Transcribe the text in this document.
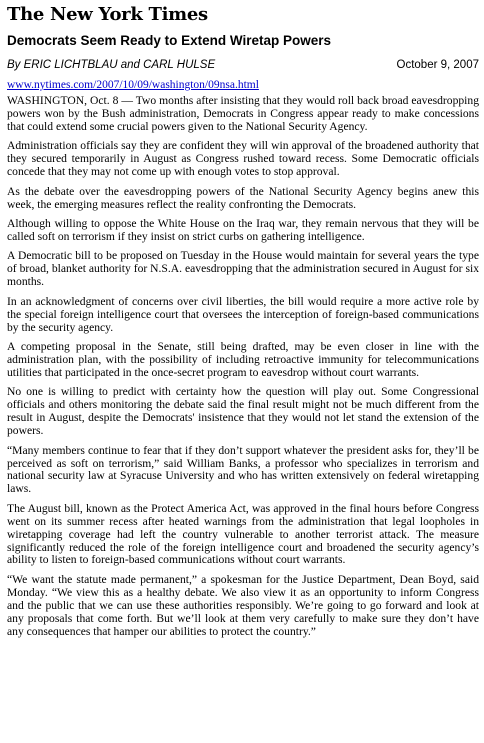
The New York Times
Democrats Seem Ready to Extend Wiretap Powers
By ERIC LICHTBLAU and CARL HULSE	October 9, 2007
www.nytimes.com/2007/10/09/washington/09nsa.html

WASHINGTON, Oct. 8 — Two months after insisting that they would roll back broad eavesdropping powers won by the Bush administration, Democrats in Congress appear ready to make concessions that could extend some crucial powers given to the National Security Agency.

Administration officials say they are confident they will win approval of the broadened authority that they secured temporarily in August as Congress rushed toward recess. Some Democratic officials concede that they may not come up with enough votes to stop approval.

As the debate over the eavesdropping powers of the National Security Agency begins anew this week, the emerging measures reflect the reality confronting the Democrats.

Although willing to oppose the White House on the Iraq war, they remain nervous that they will be called soft on terrorism if they insist on strict curbs on gathering intelligence.

A Democratic bill to be proposed on Tuesday in the House would maintain for several years the type of broad, blanket authority for N.S.A. eavesdropping that the administration secured in August for six months.

In an acknowledgment of concerns over civil liberties, the bill would require a more active role by the special foreign intelligence court that oversees the interception of foreign-based communications by the security agency.

A competing proposal in the Senate, still being drafted, may be even closer in line with the administration plan, with the possibility of including retroactive immunity for telecommunications utilities that participated in the once-secret program to eavesdrop without court warrants.

No one is willing to predict with certainty how the question will play out. Some Congressional officials and others monitoring the debate said the final result might not be much different from the result in August, despite the Democrats' insistence that they would not let stand the extension of the powers.

“Many members continue to fear that if they don’t support whatever the president asks for, they’ll be perceived as soft on terrorism,” said William Banks, a professor who specializes in terrorism and national security law at Syracuse University and who has written extensively on federal wiretapping laws.

The August bill, known as the Protect America Act, was approved in the final hours before Congress went on its summer recess after heated warnings from the administration that legal loopholes in wiretapping coverage had left the country vulnerable to another terrorist attack. The measure significantly reduced the role of the foreign intelligence court and broadened the security agency’s ability to listen to foreign-based communications without court warrants.

“We want the statute made permanent,” a spokesman for the Justice Department, Dean Boyd, said Monday. “We view this as a healthy debate. We also view it as an opportunity to inform Congress and the public that we can use these authorities responsibly. We’re going to go forward and look at any proposals that come forth. But we’ll look at them very carefully to make sure they don’t have any consequences that hamper our abilities to protect the country.”
